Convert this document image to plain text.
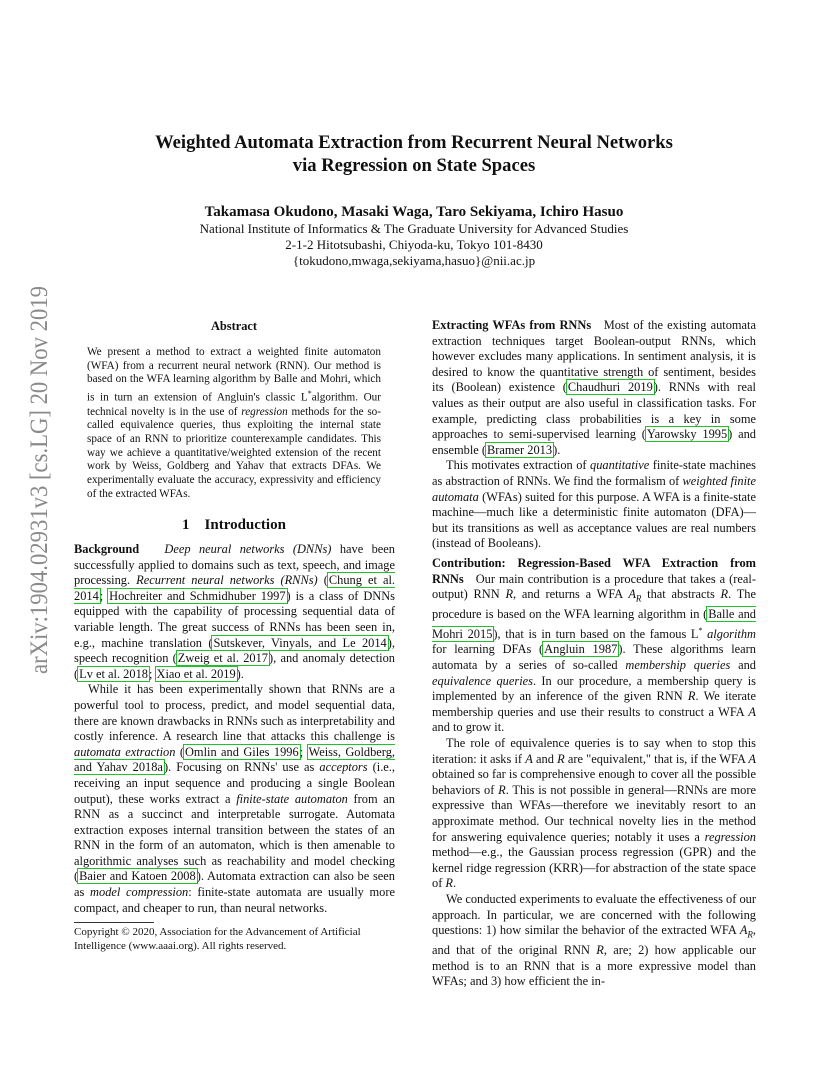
arXiv:1904.02931v3 [cs.LG] 20 Nov 2019
Weighted Automata Extraction from Recurrent Neural Networks
via Regression on State Spaces
Takamasa Okudono, Masaki Waga, Taro Sekiyama, Ichiro Hasuo
National Institute of Informatics & The Graduate University for Advanced Studies
2-1-2 Hitotsubashi, Chiyoda-ku, Tokyo 101-8430
{tokudono,mwaga,sekiyama,hasuo}@nii.ac.jp
Abstract
We present a method to extract a weighted finite automaton (WFA) from a recurrent neural network (RNN). Our method is based on the WFA learning algorithm by Balle and Mohri, which is in turn an extension of Angluin's classic L*algorithm. Our technical novelty is in the use of regression methods for the so-called equivalence queries, thus exploiting the internal state space of an RNN to prioritize counterexample candidates. This way we achieve a quantitative/weighted extension of the recent work by Weiss, Goldberg and Yahav that extracts DFAs. We experimentally evaluate the accuracy, expressivity and efficiency of the extracted WFAs.
1 Introduction

Background Deep neural networks (DNNs) have been successfully applied to domains such as text, speech, and image processing. Recurrent neural networks (RNNs) (Chung et al. 2014; Hochreiter and Schmidhuber 1997) is a class of DNNs equipped with the capability of processing sequential data of variable length. The great success of RNNs has been seen in, e.g., machine translation (Sutskever, Vinyals, and Le 2014), speech recognition (Zweig et al. 2017), and anomaly detection (Lv et al. 2018; Xiao et al. 2019).

While it has been experimentally shown that RNNs are a powerful tool to process, predict, and model sequential data, there are known drawbacks in RNNs such as interpretability and costly inference. A research line that attacks this challenge is automata extraction (Omlin and Giles 1996; Weiss, Goldberg, and Yahav 2018a). Focusing on RNNs' use as acceptors (i.e., receiving an input sequence and producing a single Boolean output), these works extract a finite-state automaton from an RNN as a succinct and interpretable surrogate. Automata extraction exposes internal transition between the states of an RNN in the form of an automaton, which is then amenable to algorithmic analyses such as reachability and model checking (Baier and Katoen 2008). Automata extraction can also be seen as model compression: finite-state automata are usually more compact, and cheaper to run, than neural networks.

Copyright © 2020, Association for the Advancement of Artificial Intelligence (www.aaai.org). All rights reserved.

Extracting WFAs from RNNs Most of the existing automata extraction techniques target Boolean-output RNNs, which however excludes many applications. In sentiment analysis, it is desired to know the quantitative strength of sentiment, besides its (Boolean) existence (Chaudhuri 2019). RNNs with real values as their output are also useful in classification tasks. For example, predicting class probabilities is a key in some approaches to semi-supervised learning (Yarowsky 1995) and ensemble (Bramer 2013).

This motivates extraction of quantitative finite-state machines as abstraction of RNNs. We find the formalism of weighted finite automata (WFAs) suited for this purpose. A WFA is a finite-state machine—much like a deterministic finite automaton (DFA)—but its transitions as well as acceptance values are real numbers (instead of Booleans).

Contribution: Regression-Based WFA Extraction from RNNs Our main contribution is a procedure that takes a (real-output) RNN R, and returns a WFA $A_R$ that abstracts R. The procedure is based on the WFA learning algorithm in (Balle and Mohri 2015), that is in turn based on the famous L* algorithm for learning DFAs (Angluin 1987). These algorithms learn automata by a series of so-called membership queries and equivalence queries. In our procedure, a membership query is implemented by an inference of the given RNN R. We iterate membership queries and use their results to construct a WFA A and to grow it.

The role of equivalence queries is to say when to stop this iteration: it asks if A and R are "equivalent," that is, if the WFA A obtained so far is comprehensive enough to cover all the possible behaviors of R. This is not possible in general—RNNs are more expressive than WFAs—therefore we inevitably resort to an approximate method. Our technical novelty lies in the method for answering equivalence queries; notably it uses a regression method—e.g., the Gaussian process regression (GPR) and the kernel ridge regression (KRR)—for abstraction of the state space of R.

We conducted experiments to evaluate the effectiveness of our approach. In particular, we are concerned with the following questions: 1) how similar the behavior of the extracted WFA $A_R$, and that of the original RNN R, are; 2) how applicable our method is to an RNN that is a more expressive model than WFAs; and 3) how efficient the in-
